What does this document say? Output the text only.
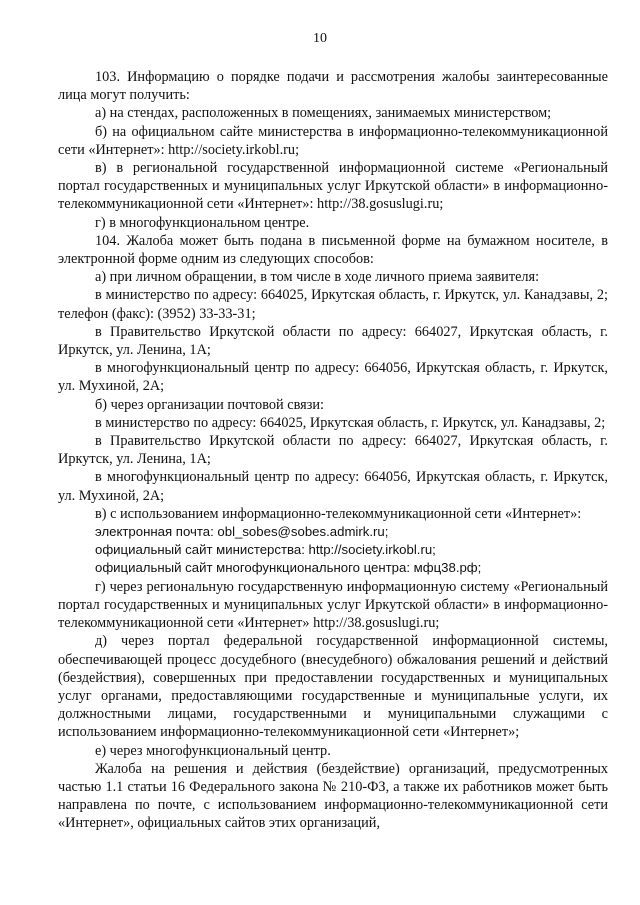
10

103. Информацию о порядке подачи и рассмотрения жалобы заинтересованные лица могут получить:

а) на стендах, расположенных в помещениях, занимаемых министерством;

б) на официальном сайте министерства в информационно-телекоммуникационной сети «Интернет»: http://society.irkobl.ru;

в) в региональной государственной информационной системе «Региональный портал государственных и муниципальных услуг Иркутской области» в информационно-телекоммуникационной сети «Интернет»: http://38.gosuslugi.ru;

г) в многофункциональном центре.

104. Жалоба может быть подана в письменной форме на бумажном носителе, в электронной форме одним из следующих способов:

а) при личном обращении, в том числе в ходе личного приема заявителя:

в министерство по адресу: 664025, Иркутская область, г. Иркутск, ул. Канадзавы, 2; телефон (факс): (3952) 33-33-31;

в Правительство Иркутской области по адресу: 664027, Иркутская область, г. Иркутск, ул. Ленина, 1А;

в многофункциональный центр по адресу: 664056, Иркутская область, г. Иркутск, ул. Мухиной, 2А;

б) через организации почтовой связи:

в министерство по адресу: 664025, Иркутская область, г. Иркутск, ул. Канадзавы, 2;

в Правительство Иркутской области по адресу: 664027, Иркутская область, г. Иркутск, ул. Ленина, 1А;

в многофункциональный центр по адресу: 664056, Иркутская область, г. Иркутск, ул. Мухиной, 2А;

в) с использованием информационно-телекоммуникационной сети «Интернет»:

электронная почта: obl_sobes@sobes.admirk.ru;

официальный сайт министерства: http://society.irkobl.ru;

официальный сайт многофункционального центра: мфц38.рф;

г) через региональную государственную информационную систему «Региональный портал государственных и муниципальных услуг Иркутской области» в информационно-телекоммуникационной сети «Интернет» http://38.gosuslugi.ru;

д) через портал федеральной государственной информационной системы, обеспечивающей процесс досудебного (внесудебного) обжалования решений и действий (бездействия), совершенных при предоставлении государственных и муниципальных услуг органами, предоставляющими государственные и муниципальные услуги, их должностными лицами, государственными и муниципальными служащими с использованием информационно-телекоммуникационной сети «Интернет»;

е) через многофункциональный центр.

Жалоба на решения и действия (бездействие) организаций, предусмотренных частью 1.1 статьи 16 Федерального закона № 210-ФЗ, а также их работников может быть направлена по почте, с использованием информационно-телекоммуникационной сети «Интернет», официальных сайтов этих организаций,
